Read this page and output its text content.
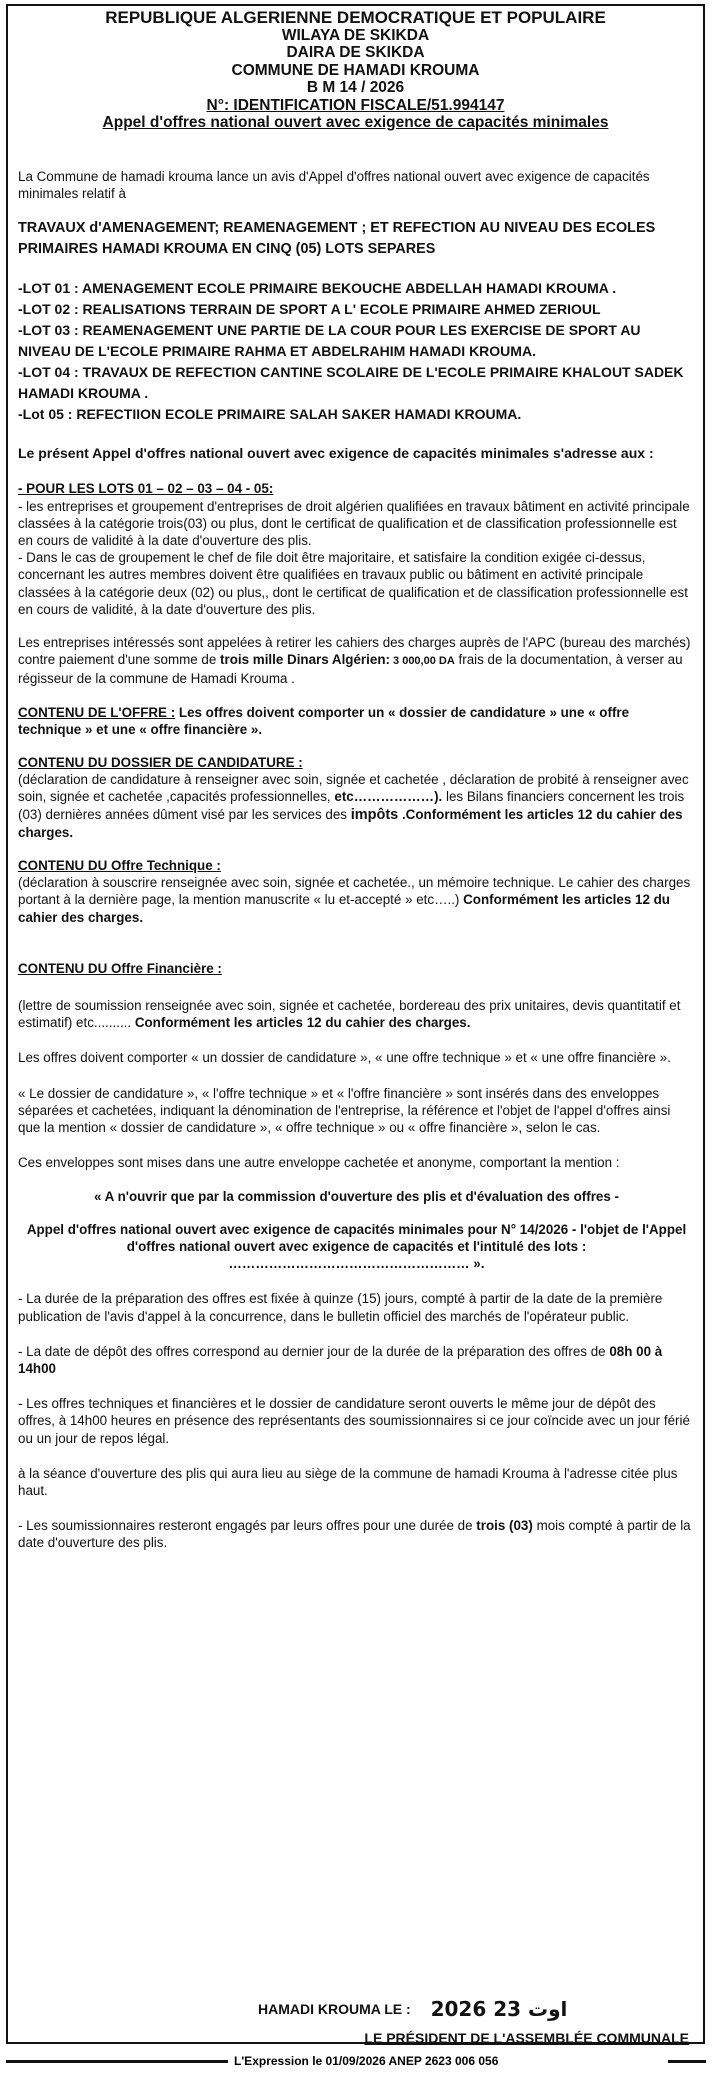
REPUBLIQUE ALGERIENNE DEMOCRATIQUE ET POPULAIRE
WILAYA DE SKIKDA
DAIRA DE SKIKDA
COMMUNE DE HAMADI KROUMA
B M 14 / 2026
N°: IDENTIFICATION FISCALE/51.994147
Appel d'offres national ouvert avec exigence de capacités minimales

La Commune de hamadi krouma lance un avis d'Appel d'offres national ouvert avec exigence de capacités minimales relatif à

TRAVAUX d'AMENAGEMENT; REAMENAGEMENT ; ET REFECTION AU NIVEAU DES ECOLES PRIMAIRES HAMADI KROUMA EN CINQ (05) LOTS SEPARES

-LOT 01 : AMENAGEMENT ECOLE PRIMAIRE BEKOUCHE ABDELLAH HAMADI KROUMA .

-LOT 02 : REALISATIONS TERRAIN DE SPORT A L' ECOLE PRIMAIRE AHMED ZERIOUL

-LOT 03 : REAMENAGEMENT UNE PARTIE DE LA COUR POUR LES EXERCISE DE SPORT AU NIVEAU DE L'ECOLE PRIMAIRE RAHMA ET ABDELRAHIM HAMADI KROUMA.

-LOT 04 : TRAVAUX DE REFECTION CANTINE SCOLAIRE DE L'ECOLE PRIMAIRE KHALOUT SADEK HAMADI KROUMA .

-Lot 05 : REFECTIION ECOLE PRIMAIRE SALAH SAKER HAMADI KROUMA.

Le présent Appel d'offres national ouvert avec exigence de capacités minimales s'adresse aux :

- POUR LES LOTS 01 – 02 – 03 – 04 - 05:

- les entreprises et groupement d'entreprises de droit algérien qualifiées en travaux bâtiment en activité principale classées à la catégorie trois(03) ou plus, dont le certificat de qualification et de classification professionnelle est en cours de validité à la date d'ouverture des plis.

- Dans le cas de groupement le chef de file doit être majoritaire, et satisfaire la condition exigée ci-dessus, concernant les autres membres doivent être qualifiées en travaux public ou bâtiment en activité principale classées à la catégorie deux (02) ou plus,, dont le certificat de qualification et de classification professionnelle est en cours de validité, à la date d'ouverture des plis.

Les entreprises intéressés sont appelées à retirer les cahiers des charges auprès de l'APC (bureau des marchés) contre paiement d'une somme de trois mille Dinars Algérien: 3 000,00 DA frais de la documentation, à verser au régisseur de la commune de Hamadi Krouma .

CONTENU DE L'OFFRE : Les offres doivent comporter un « dossier de candidature » une « offre technique » et une « offre financière ».

CONTENU DU DOSSIER DE CANDIDATURE :

(déclaration de candidature à renseigner avec soin, signée et cachetée , déclaration de probité à renseigner avec soin, signée et cachetée ,capacités professionnelles, etc………………). les Bilans financiers concernent les trois (03) dernières années dûment visé par les services des impôts .Conformément les articles 12 du cahier des charges.

CONTENU DU Offre Technique :

(déclaration à souscrire renseignée avec soin, signée et cachetée., un mémoire technique. Le cahier des charges portant à la dernière page, la mention manuscrite « lu et-accepté » etc…..) Conformément les articles 12 du cahier des charges.

CONTENU DU Offre Financière :

(lettre de soumission renseignée avec soin, signée et cachetée, bordereau des prix unitaires, devis quantitatif et estimatif) etc.......... Conformément les articles 12 du cahier des charges.

Les offres doivent comporter « un dossier de candidature », « une offre technique » et « une offre financière ».

« Le dossier de candidature », « l'offre technique » et « l'offre financière » sont insérés dans des enveloppes séparées et cachetées, indiquant la dénomination de l'entreprise, la référence et l'objet de l'appel d'offres ainsi que la mention « dossier de candidature », « offre technique » ou « offre financière », selon le cas.

Ces enveloppes sont mises dans une autre enveloppe cachetée et anonyme, comportant la mention :

« A n'ouvrir que par la commission d'ouverture des plis et d'évaluation des offres -

Appel d'offres national ouvert avec exigence de capacités minimales pour N° 14/2026 - l'objet de l'Appel d'offres national ouvert avec exigence de capacités et l'intitulé des lots : ……………………………………………… ».

- La durée de la préparation des offres est fixée à quinze (15) jours, compté à partir de la date de la première publication de l'avis d'appel à la concurrence, dans le bulletin officiel des marchés de l'opérateur public.

- La date de dépôt des offres correspond au dernier jour de la durée de la préparation des offres de 08h 00 à 14h00

- Les offres techniques et financières et le dossier de candidature seront ouverts le même jour de dépôt des offres, à 14h00 heures en présence des représentants des soumissionnaires si ce jour coïncide avec un jour férié ou un jour de repos légal.

à la séance d'ouverture des plis qui aura lieu au siège de la commune de hamadi Krouma à l'adresse citée plus haut.

- Les soumissionnaires resteront engagés par leurs offres pour une durée de trois (03) mois compté à partir de la date d'ouverture des plis.

HAMADI KROUMA LE : 2026 اوت 23
LE PRÉSIDENT DE L'ASSEMBLÉE COMMUNALE
L'Expression le 01/09/2026 ANEP 2623 006 056
